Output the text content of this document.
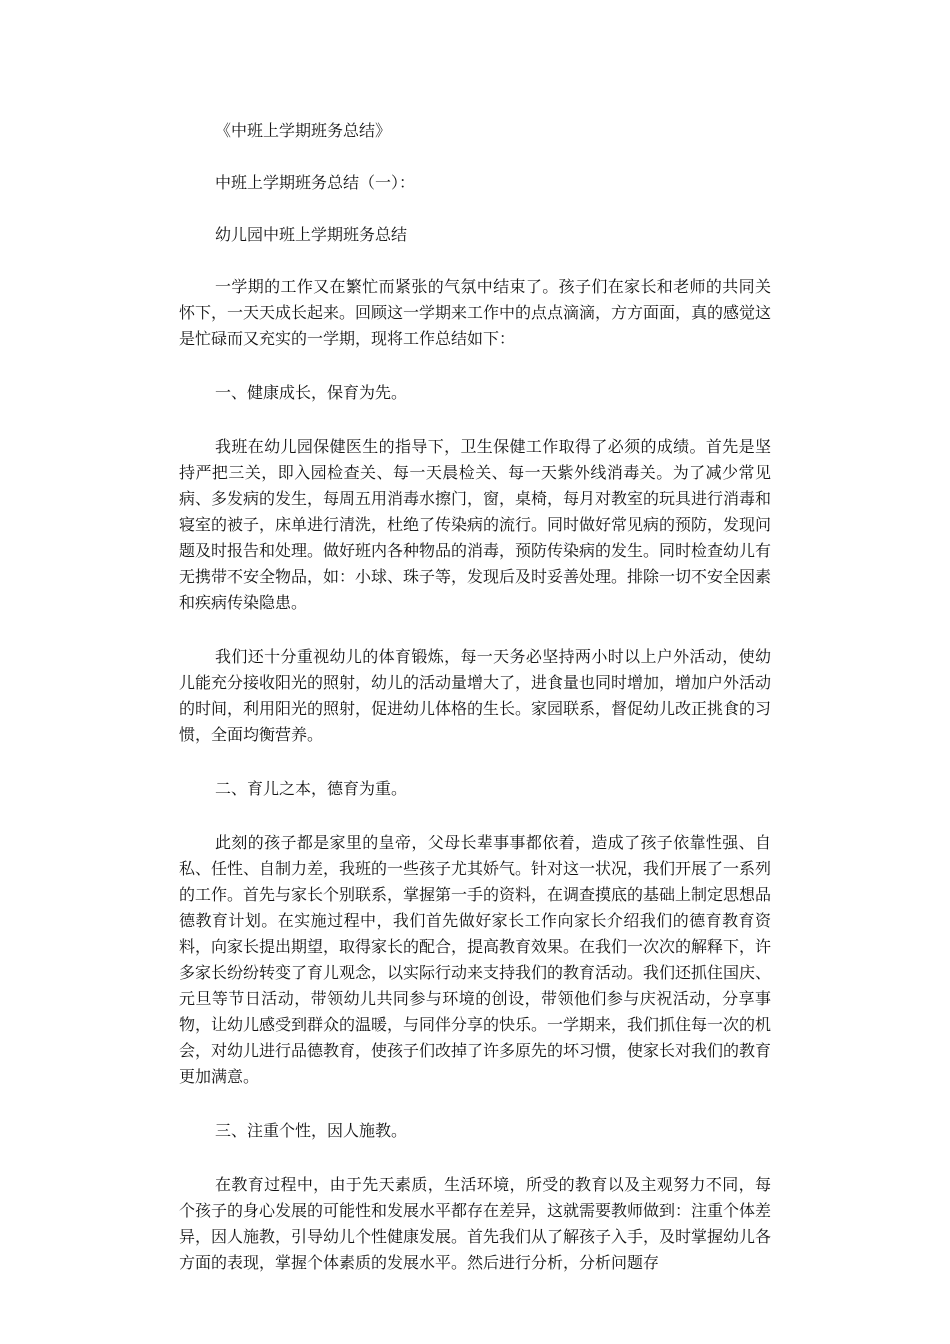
《中班上学期班务总结》

中班上学期班务总结（一）：

幼儿园中班上学期班务总结

一学期的工作又在繁忙而紧张的气氛中结束了。孩子们在家长和老师的共同关怀下，一天天成长起来。回顾这一学期来工作中的点点滴滴，方方面面，真的感觉这是忙碌而又充实的一学期，现将工作总结如下：

一、健康成长，保育为先。

我班在幼儿园保健医生的指导下，卫生保健工作取得了必须的成绩。首先是坚持严把三关，即入园检查关、每一天晨检关、每一天紫外线消毒关。为了减少常见病、多发病的发生，每周五用消毒水擦门，窗，桌椅，每月对教室的玩具进行消毒和寝室的被子，床单进行清洗，杜绝了传染病的流行。同时做好常见病的预防，发现问题及时报告和处理。做好班内各种物品的消毒，预防传染病的发生。同时检查幼儿有无携带不安全物品，如：小球、珠子等，发现后及时妥善处理。排除一切不安全因素和疾病传染隐患。

我们还十分重视幼儿的体育锻炼，每一天务必坚持两小时以上户外活动，使幼儿能充分接收阳光的照射，幼儿的活动量增大了，进食量也同时增加，增加户外活动的时间，利用阳光的照射，促进幼儿体格的生长。家园联系，督促幼儿改正挑食的习惯，全面均衡营养。

二、育儿之本，德育为重。

此刻的孩子都是家里的皇帝，父母长辈事事都依着，造成了孩子依靠性强、自私、任性、自制力差，我班的一些孩子尤其娇气。针对这一状况，我们开展了一系列的工作。首先与家长个别联系，掌握第一手的资料，在调查摸底的基础上制定思想品德教育计划。在实施过程中，我们首先做好家长工作向家长介绍我们的德育教育资料，向家长提出期望，取得家长的配合，提高教育效果。在我们一次次的解释下，许多家长纷纷转变了育儿观念，以实际行动来支持我们的教育活动。我们还抓住国庆、元旦等节日活动，带领幼儿共同参与环境的创设，带领他们参与庆祝活动，分享事物，让幼儿感受到群众的温暖，与同伴分享的快乐。一学期来，我们抓住每一次的机会，对幼儿进行品德教育，使孩子们改掉了许多原先的坏习惯，使家长对我们的教育更加满意。

三、注重个性，因人施教。

在教育过程中，由于先天素质，生活环境，所受的教育以及主观努力不同，每个孩子的身心发展的可能性和发展水平都存在差异，这就需要教师做到：注重个体差异，因人施教，引导幼儿个性健康发展。首先我们从了解孩子入手，及时掌握幼儿各方面的表现，掌握个体素质的发展水平。然后进行分析，分析问题存
